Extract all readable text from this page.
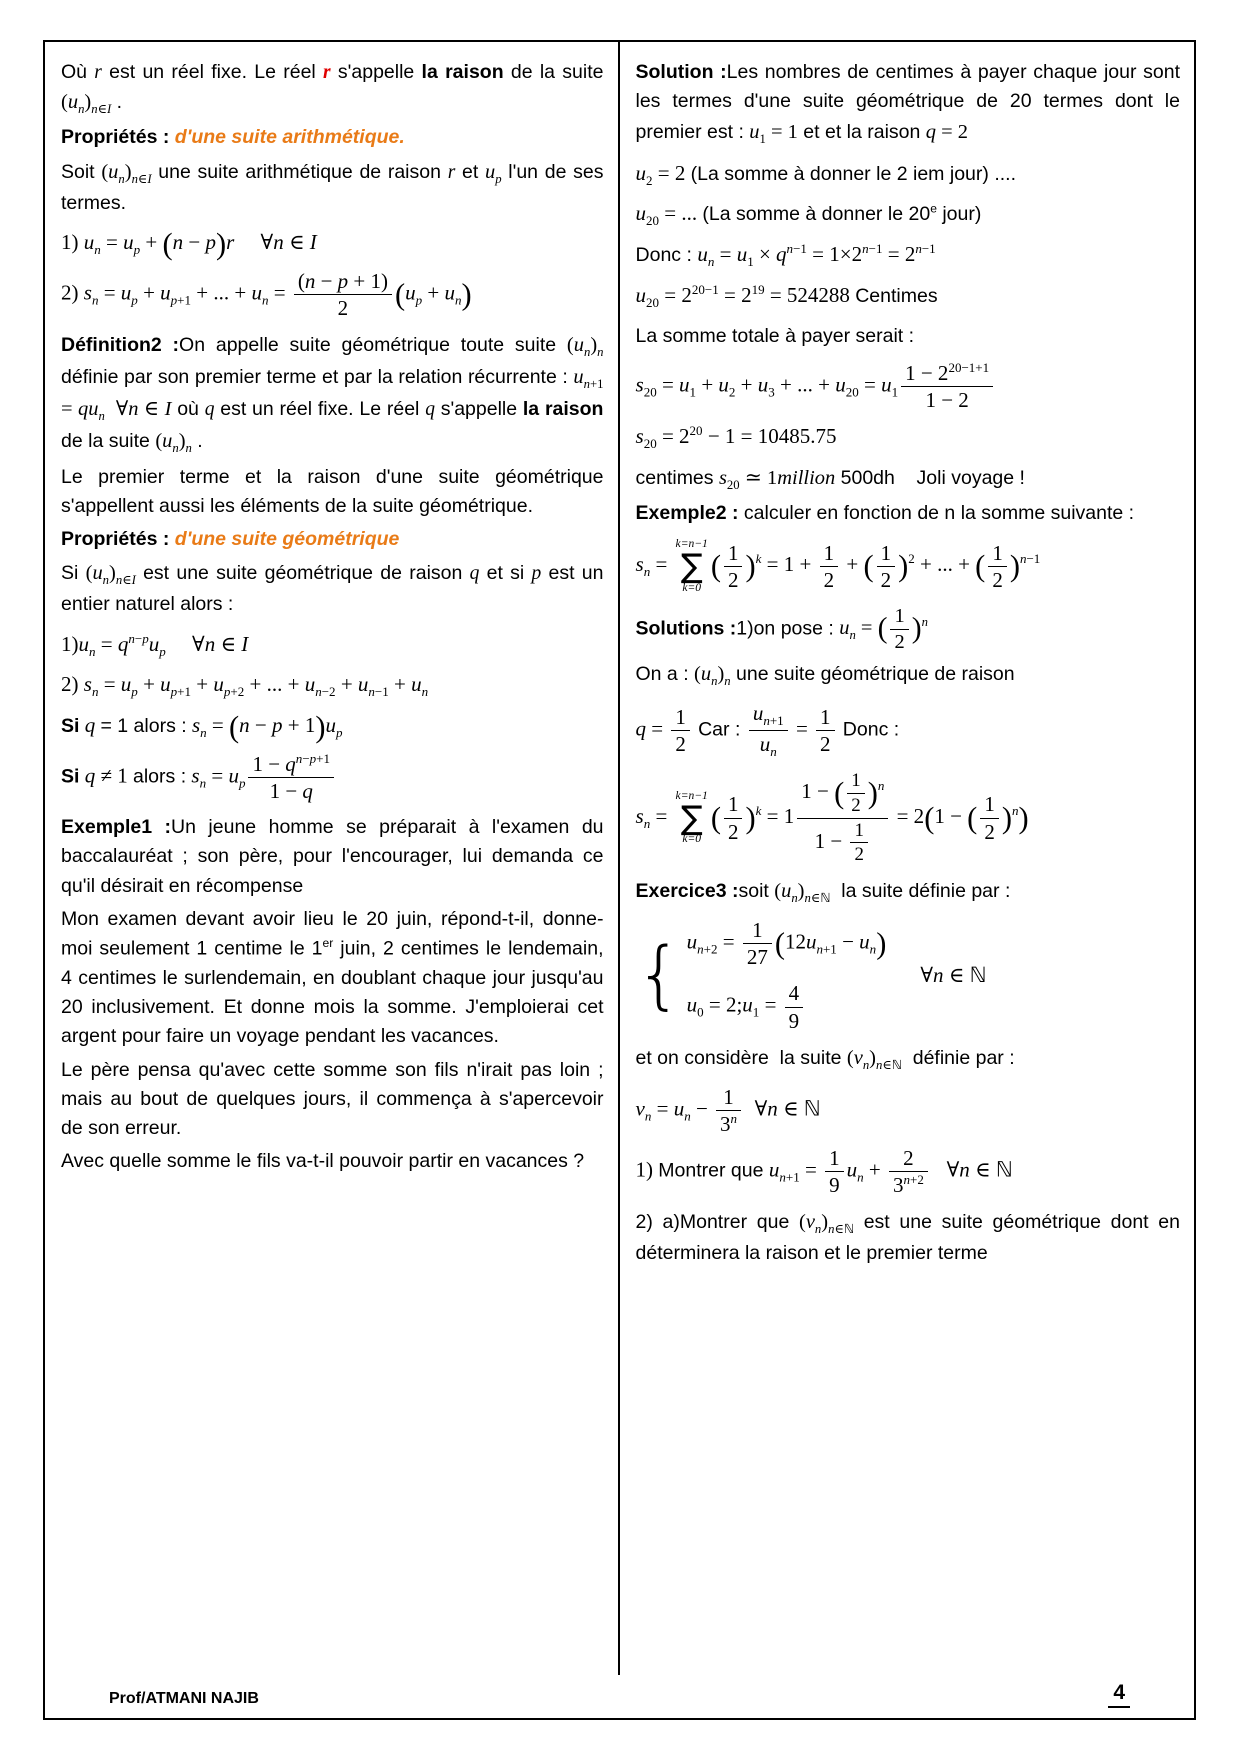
Où r est un réel fixe. Le réel r s'appelle la raison de la suite $(u_n)_{n\in I}$ .
Propriétés : d'une suite arithmétique.
Soit $(u_n)_{n\in I}$ une suite arithmétique de raison r et $u_p$ l'un de ses termes.
1) $u_n = u_p + (n - p)r$     ∀n ∈ I
2) $s_n = u_p + u_{p+1}$ + ... + $u_n = \frac{(n - p + 1)}{2} (u_p + u_n)$
Définition2 :On appelle suite géométrique toute suite $(u_n)_n$ définie par son premier terme et par la relation récurrente : $u_{n+1} = qu_n$  ∀n ∈ I où q est un réel fixe. Le réel q s'appelle la raison de la suite $(u_n)_n$ .
Le premier terme et la raison d'une suite géométrique s'appellent aussi les éléments de la suite géométrique.
Propriétés : d'une suite géométrique
Si $(u_n)_{n\in I}$ est une suite géométrique de raison q et si p est un entier naturel alors :
$1)u_n = q^{n-p}u_p$     ∀n ∈ I
2) $s_n = u_p + u_{p+1} + u_{p+2}$ + ... + $u_{n-2} + u_{n-1} + u_n$
Si q = 1 alors : $s_n = (n - p + 1)u_p$
Si q ≠ 1 alors : $s_n = u_p \frac{1 - q^{n-p+1}}{1 - q}$
Exemple1 :Un jeune homme se préparait à l'examen du baccalauréat ; son père, pour l'encourager, lui demanda ce qu'il désirait en récompense
Mon examen devant avoir lieu le 20 juin, répond-t-il, donne-moi seulement 1 centime le 1er juin, 2 centimes le lendemain, 4 centimes le surlendemain, en doublant chaque jour jusqu'au 20 inclusivement. Et donne mois la somme. J'emploierai cet argent pour faire un voyage pendant les vacances.
Le père pensa qu'avec cette somme son fils n'irait pas loin ; mais au bout de quelques jours, il commença à s'apercevoir de son erreur.
Avec quelle somme le fils va-t-il pouvoir partir en vacances ?
Solution :Les nombres de centimes à payer chaque jour sont les termes d'une suite géométrique de 20 termes dont le premier est : $u_1 = 1$ et et la raison q = 2
$u_2 = 2$ (La somme à donner le 2 iem jour) ....
$u_{20}$ = ... (La somme à donner le 20e jour)
Donc : $u_n = u_1 \times q^{n-1} = 1\times 2^{n-1} = 2^{n-1}$
$u_{20} = 2^{20-1} = 2^{19} = 524288$ Centimes
La somme totale à payer serait :
$s_{20} = u_1 + u_2 + u_3$ + ... + $u_{20} = u_1 \frac{1 - 2^{20-1+1}}{1 - 2}$
$s_{20} = 2^{20} - 1 = 10485.75$
centimes $s_{20}$ ≃ 1million 500dh    Joli voyage !
Exemple2 : calculer en fonction de n la somme suivante :
$s_n$ =
k=n−1
∑
k=0
( $\frac{1}{2} )^k = 1 + \frac{1}{2}$ + ( $\frac{1}{2} )^2$ + ... + ( $\frac{1}{2} )^{n-1}$
Solutions :1)on pose : $u_n$ = ( $\frac{1}{2} )^n$
On a : $(u_n)_n$ une suite géométrique de raison
$q = \frac{1}{2}$ Car : $\frac{u_{n+1}}{u_n} = \frac{1}{2}$ Donc :
$s_n$ =
k=n−1
∑
k=0
( $\frac{1}{2} )^k = 1 \frac{1 - ( \frac{1}{2} )^n}{1 - \frac{1}{2}} = 2(1$ − ( $\frac{1}{2} )^n$)
Exercice3 :soit $(u_n)_{n\in ℕ}$  la suite définie par :
{ $u_{n+2} = \frac{1}{27} (12u_{n+1} - u_n)$
$u_0$ = $2;u_1 = \frac{4}{9}$
∀n ∈ ℕ
et on considère  la suite $(v_n)_{n\in ℕ}$  définie par :
$v_n = u_n - \frac{1}{3^n}$ ∀n ∈ ℕ
1) Montrer que $u_{n+1} = \frac{1}{9} u_n + \frac{2}{3^{n+2}}$ ∀n ∈ ℕ
2) a)Montrer que $(v_n)_{n\in ℕ}$ est une suite géométrique dont en déterminera la raison et le premier terme
Prof/ATMANI NAJIB	4
